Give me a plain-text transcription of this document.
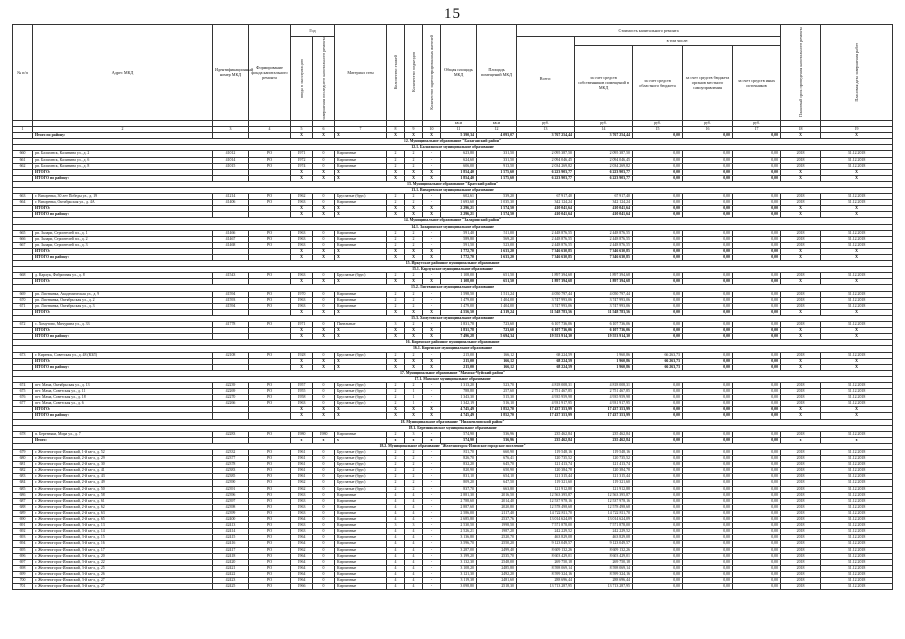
15
№ п/п	Адрес МКД	Идентификационный номер МКД	Формирование фонда капитального ремонта	Год		Материал стен	Количество этажей	Количество подъездов	Количество зарегистрированных жителей	Общая площадь МКД	Площадь помещений МКД	Стоимость капитального ремонта					Плановый срок проведения капитального ремонта	Плановая дата завершения работ

				ввода в эксплуатацию	завершения последнего капитального ремонта							Всего:	в том числе:					
													за счет средств собственников помещений в МКД	за счет средств областного бюджета	за счет средств бюджета органов местного самоуправления	за счет средств иных источников		
										кв.м	кв.м	руб.	руб.	руб.	руб.	руб.		
1	2	3	4	5	6	7	8	9	10	11	12	13	14	15	16	17	18	19
	Итого по району:			X	X	X	X	X	X	5 390,34	4 093,07	3 767 254,44	3 767 254,44	0,00	0,00	0,00	X	X
12. Муниципальное образование "Балаганский район"																		
12.1. Балаганское муниципальное образование																		
660	рп. Балаганск, Калинина ул., д. 2	41012	РО	1971	0	Кирпичные	2	2	-	623,80	331,50	2 095 387,50	2 095 387,50	0,00	0,00	0,00	2018	31.12.2018
661	рп. Балаганск, Калинина ул., д. 6	41014	РО	1972	0	Кирпичные	2	2	-	624,60	331,50	2 094 046,45	2 094 046,45	0,00	0,00	0,00	2018	31.12.2018
662	рп. Балаганск, Калинина ул., д. 8	41015	РО	1974	0	Кирпичные	2	2	-	606,00	913,50	2 034 269,82	2 034 269,82	0,00	0,00	0,00	2018	31.12.2018
	ИТОГО:			X	X	X	X	X	X	1 854,40	1 575,60	6 223 903,77	6 223 903,77	0,00	0,00	0,00	X	X
	ИТОГО по району:			X	X	X	X	X	X	1 854,40	1 575,60	6 223 903,77	6 223 903,77	0,00	0,00	0,00	X	X
13. Муниципальное образование "Братский район"																		
13.1. Вихоревское муниципальное образование																		
663	г. Вихоревка, 30 лет Победы ул., д. 19	41214	РО	1962	0	Брусчатые (брус)	2	2	-	602,61	539,20	67 917,40	67 917,40	0,00	0,00	0,00	2018	31.12.2018
664	г. Вихоревка, Октябрьская ул., д. 4А	41406	РО	1963	0	Кирпичные	2	2	-	1 693,60	1 035,30	342 124,24	342 124,24	0,00	0,00	0,00	2018	31.12.2018
	ИТОГО:			X	X	X	X	X	X	2 296,21	1 574,50	410 041,64	410 041,64	0,00	0,00	0,00	X	X
	ИТОГО по району:			X	X	X	X	X	X	2 296,21	1 574,50	410 041,64	410 041,64	0,00	0,00	0,00	X	X
14. Муниципальное образование "Заларинский район"																		
14.1. Заларинское муниципальное образование																		
665	рп. Залари, Строителей пл., д. 1	41466	РО	1963	0	Кирпичные	2	2	-	591,40	511,00	2 448 876,55	2 448 876,55	0,00	0,00	0,00	2018	31.12.2018
666	рп. Залари, Строителей пл., д. 2	41467	РО	1963	0	Кирпичные	2	2	-	589,80	569,20	2 448 876,55	2 448 876,55	0,00	0,00	0,00	2018	31.12.2018
667	рп. Залари, Строителей пл., д. 3	41468	РО	1963	0	Кирпичные	2	2	-	591,50	523,00	2 448 876,55	2 448 876,55	0,00	0,00	0,00	2018	31.12.2018
	ИТОГО:			X	X	X	X	X	X	1 772,70	1 633,20	7 346 630,85	7 346 630,85	0,00	0,00	0,00	X	X
	ИТОГО по району:			X	X	X	X	X	X	1 772,70	1 633,20	7 346 630,85	7 346 630,85	0,00	0,00	0,00	X	X
15. Иркутское районное муниципальное образование																		
15.1. Карлукское муниципальное образование																		
668	д. Карлук, Фабричная ул., д. 8	41543	РО	1963	0	Брусчатые (брус)	2	2	-	1 108,00	651,50	1 897 394,68	1 897 394,68	0,00	0,00	0,00	2018	31.12.2018
	ИТОГО:			X	X	X	X	X	X	1 108,00	651,50	1 897 394,68	1 897 394,68	0,00	0,00	0,00	X	X
15.2. Листвянское муниципальное образование																		
669	рп. Листвянка, Академическая ул., д. 9	41594	РО	1970	0	Кирпичные	2	2	-	1 598,50	1 511,24	4 050 797,44	4 050 797,44	0,00	0,00	0,00	2018	31.12.2018
670	рп. Листвянка, Октябрьская ул., д. 2	41593	РО	1963	0	Кирпичные	2	2	-	1 479,00	1 404,00	3 747 993,06	3 747 993,06	0,00	0,00	0,00	2018	31.12.2018
671	рп. Листвянка, Октябрьская ул., д. 3	41594	РО	1963	0	Кирпичные	2	2	-	1 479,00	1 404,00	3 747 993,06	3 747 993,06	0,00	0,00	0,00	2018	31.12.2018
	ИТОГО:			X	X	X	X	X	X	4 556,50	4 319,24	11 548 783,56	11 548 783,56	0,00	0,00	0,00	X	X
15.3. Хомутовское муниципальное образование																		
672	с. Хомутово, Мичурина ул., д. 33	41778	РО	1971	0	Панельные	3	2	-	1 831,78	723,60	6 107 736,06	6 107 736,06	0,00	0,00	0,00	2018	31.12.2018
	ИТОГО:			X	X	X	X	X	X	1 831,78	723,60	6 107 736,06	6 107 736,06	0,00	0,00	0,00	X	X
	ИТОГО по району:			X	X	X	X	X	X	7 496,28	5 694,34	19 553 914,30	19 553 914,30	0,00	0,00	0,00	X	X
16. Киренское районное муниципальное образование																		
16.1. Киренское муниципальное образование																		
673	г. Киренск, Советская ул., д. 48 (КЗЛ)	42108	РО	1928	0	Брусчатые (брус)	2	2	-	215,00	166,12	68 224,59	1 960,86	66 263,73	0,00	0,00	2018	31.12.2018
	ИТОГО:			X	X	X	X	X	X	215,00	166,12	68 224,59	1 960,86	66 263,73	0,00	0,00	X	X
	ИТОГО по району:			X	X	X	X	X	X	215,00	166,12	68 224,59	1 960,86	66 263,73	0,00	0,00	X	X
17. Муниципальное образование "Мамско-Чуйский район"																		
17.1. Мамское муниципальное образование																		
674	пгт. Мама, Октябрьская ул., д. 13	42239	РО	1957	0	Брусчатые (брус)	2	2	-	1 313,20	523,70	4 818 008,31	4 818 008,31	0,00	0,00	0,00	2018	31.12.2018
675	пгт. Мама, Советская ул., д. 11	42269	РО	1955	0	Брусчатые (брус)	2	1	-	788,80	257,60	2 751 467,85	2 751 467,85	0,00	0,00	0,00	2018	31.12.2018
676	пгт. Мама, Советская ул., д. 18	42270	РО	1958	0	Брусчатые (брус)	2	1	-	1 343,30	515,30	4 935 959,98	4 935 959,98	0,00	0,00	0,00	2018	31.12.2018
677	пгт. Мама, Советская ул., д. 6	42266	РО	1963	0	Брусчатые (брус)	2	1	-	1 342,19	516,10	4 931 917,95	4 931 917,95	0,00	0,00	0,00	2018	31.12.2018
	ИТОГО:			X	X	X	X	X	X	4 745,49	1 852,70	17 437 353,99	17 437 353,99	0,00	0,00	0,00	X	X
	ИТОГО по району:			X	X	X	X	X	X	4 745,49	1 852,70	17 437 353,99	17 437 353,99	0,00	0,00	0,00	X	X
18. Муниципальное образование "Нижнеилимский район"																		
18.1. Березняковское муниципальное образование																		
678	п. Березняки, Мира ул., д. 7	42283	РО	1980	1980	Кирпичные	2	3	-	574,90	536,96	235 462,84	235 462,84	0,00	0,00	0,00	2018	31.12.2018
	Итого:			x	x	x	x	x	x	574,90	536,96	235 462,84	235 462,84	0,00	0,00	0,00	x	x
18.2. Муниципальное образование "Железногорск-Илимское городское поселение"																		
679	г. Железногорск-Илимский, 1-й кв-л, д. 52	42332	РО	1961	0	Брусчатые (брус)	2	2	-	811,70	660,90	119 548,16	119 548,16	0,00	0,00	0,00	2018	31.12.2018
680	г. Железногорск-Илимский, 2-й кв-л, д. 29	42377	РО	1961	0	Брусчатые (брус)	2	2	-	826,70	676,41	120 735,52	120 735,52	0,00	0,00	0,00	2018	31.12.2018
681	г. Железногорск-Илимский, 2-й кв-л, д. 30	42378	РО	1961	0	Брусчатые (брус)	2	2	-	832,20	645,70	121 413,74	121 413,74	0,00	0,00	0,00	2018	31.12.2018
682	г. Железногорск-Илимский, 2-й кв-л, д. 41	42383	РО	1961	0	Брусчатые (брус)	2	2	-	820,90	650,90	120 384,78	120 384,78	0,00	0,00	0,00	2018	31.12.2018
683	г. Железногорск-Илимский, 2-й кв-л, д. 43	42385	РО	1961	0	Брусчатые (брус)	2	2	-	831,10	654,10	121 315,44	121 315,44	0,00	0,00	0,00	2018	31.12.2018
684	г. Железногорск-Илимский, 2-й кв-л, д. 49	42390	РО	1962	0	Брусчатые (брус)	2	2	-	809,20	647,50	119 321,60	119 321,60	0,00	0,00	0,00	2018	31.12.2018
685	г. Железногорск-Илимский, 2-й кв-л, д. 50	42391	РО	1962	0	Брусчатые (брус)	2	2	-	837,70	663,80	121 912,88	121 912,88	0,00	0,00	0,00	2018	31.12.2018
686	г. Железногорск-Илимский, 2-й кв-л, д. 58	42396	РО	1963	0	Кирпичные	4	4	-	2 881,30	2016,50	12 563 395,87	12 563 395,87	0,00	0,00	0,00	2018	31.12.2018
687	г. Железногорск-Илимский, 2-й кв-л, д. 61	42397	РО	1963	0	Кирпичные	4	4	-	2 788,60	2014,40	12 537 978,16	12 537 978,16	0,00	0,00	0,00	2018	31.12.2018
688	г. Железногорск-Илимский, 2-й кв-л, д. 62	42398	РО	1963	0	Кирпичные	4	4	-	2 887,60	2020,80	12 578 498,68	12 578 498,68	0,00	0,00	0,00	2018	31.12.2018
689	г. Железногорск-Илимский, 2-й кв-л, д. 63	42399	РО	1963	0	Кирпичные	4	4	-	2 586,00	2117,40	14 722 811,70	14 722 811,70	0,00	0,00	0,00	2018	31.12.2018
690	г. Железногорск-Илимский, 2-й кв-л, д. 65	42400	РО	1964	0	Кирпичные	4	4	-	2 685,80	2537,76	13 014 624,09	13 014 624,09	0,00	0,00	0,00	2018	31.12.2018
691	г. Железногорск-Илимский, 3-й кв-л, д. 13	42413	РО	1963	0	Кирпичные	3	3	-	2 530,50	1998,50	7 571 878,00	7 571 878,00	0,00	0,00	0,00	2018	31.12.2018
692	г. Железногорск-Илимский, 3-й кв-л, д. 14	42414	РО	1963	0	Кирпичные	4	4	-	2 526,21	1987,20	242 229,52	242 229,52	0,00	0,00	0,00	2018	31.12.2018
693	г. Железногорск-Илимский, 3-й кв-л, д. 15	42415	РО	1964	0	Кирпичные	4	4	-	3 136,80	2520,70	463 829,08	463 829,08	0,00	0,00	0,00	2018	31.12.2018
694	г. Железногорск-Илимский, 3-й кв-л, д. 16	42416	РО	1964	0	Кирпичные	4	4	-	3 596,70	2550,20	9 123 049,57	9 123 049,57	0,00	0,00	0,00	2018	31.12.2018
695	г. Железногорск-Илимский, 3-й кв-л, д. 17	42417	РО	1962	0	Кирпичные	4	4	-	3 287,00	2499,40	8 609 132,26	8 609 132,26	0,00	0,00	0,00	2018	31.12.2018
696	г. Железногорск-Илимский, 3-й кв-л, д. 20	42418	РО	1964	0	Кирпичные	4	4	-	3 199,20	2535,70	8 603 429,01	8 603 429,01	0,00	0,00	0,00	2018	31.12.2018
697	г. Железногорск-Илимский, 3-й кв-л, д. 22	42420	РО	1964	0	Кирпичные	4	4	-	3 132,30	2548,00	269 750,18	269 750,18	0,00	0,00	0,00	2018	31.12.2018
698	г. Железногорск-Илимский, 3-й кв-л, д. 25	42421	РО	1964	0	Кирпичные	4	4	-	3 108,20	2485,80	8 598 069,14	8 598 069,14	0,00	0,00	0,00	2018	31.12.2018
699	г. Железногорск-Илимский, 3-й кв-л, д. 26	42422	РО	1964	0	Кирпичные	4	4	-	3 121,30	2492,20	8 599 324,16	8 599 324,16	0,00	0,00	0,00	2018	31.12.2018
700	г. Железногорск-Илимский, 3-й кв-л, д. 27	42423	РО	1964	0	Кирпичные	4	4	-	3 119,38	2481,60	288 696,44	288 696,44	0,00	0,00	0,00	2018	31.12.2018
701	г. Железногорск-Илимский, 3-й кв-л, д. 27	42425	РО	1966	0	Кирпичные	4	4	-	3 098,80	2518,30	13 713 287,95	13 713 287,95	0,00	0,00	0,00	2018	31.12.2018
